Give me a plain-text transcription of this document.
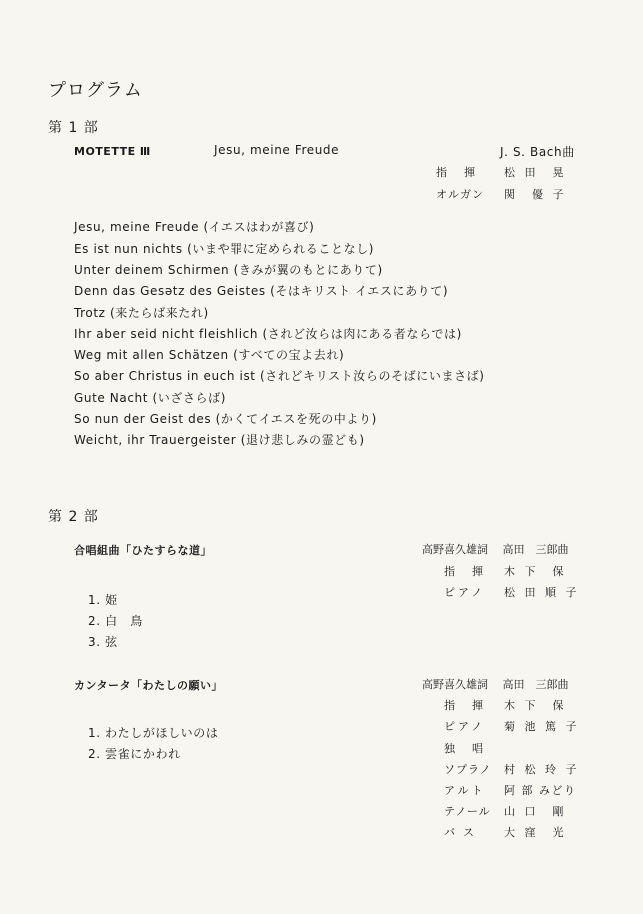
プログラム
第 1 部
MOTETTE Ⅲ	Jesu, meine Freude	J. S. Bach曲
指　揮 松 田　晃
オルガン 関　優 子
Jesu, meine Freude (イエスはわが喜び)
Es ist nun nichts (いまや罪に定められることなし)
Unter deinem Schirmen (きみが翼のもとにありて)
Denn das Gesətz des Geistes (そはキリスト イエスにありて)
Trotz (来たらば来たれ)
Ihr aber seid nicht fleishlich (されど汝らは肉にある者ならでは)
Weg mit allen Schätzen (すべての宝よ去れ)
So aber Christus in euch ist (されどキリスト汝らのそばにいまさば)
Gute Nacht (いざさらば)
So nun der Geist des (かくてイエスを死の中より)
Weicht, ihr Trauergeister (退け悲しみの霊ども)
第 2 部
合唱組曲「ひたすらな道」	高野喜久雄詞　 高田　三郎曲
指　揮 木 下　保
ピアノ 松 田 順 子
1. 姫
2. 白　鳥
3. 弦
カンタータ「わたしの願い」	高野喜久雄詞　 高田　三郎曲
指　揮 木 下　保
ピアノ 菊 池 篤 子
独　唱
ソプラノ 村 松 玲 子
アルト 阿 部 みどり
テノール 山 口　剛
バス 大 窪　光
1. わたしがほしいのは
2. 雲雀にかわれ
